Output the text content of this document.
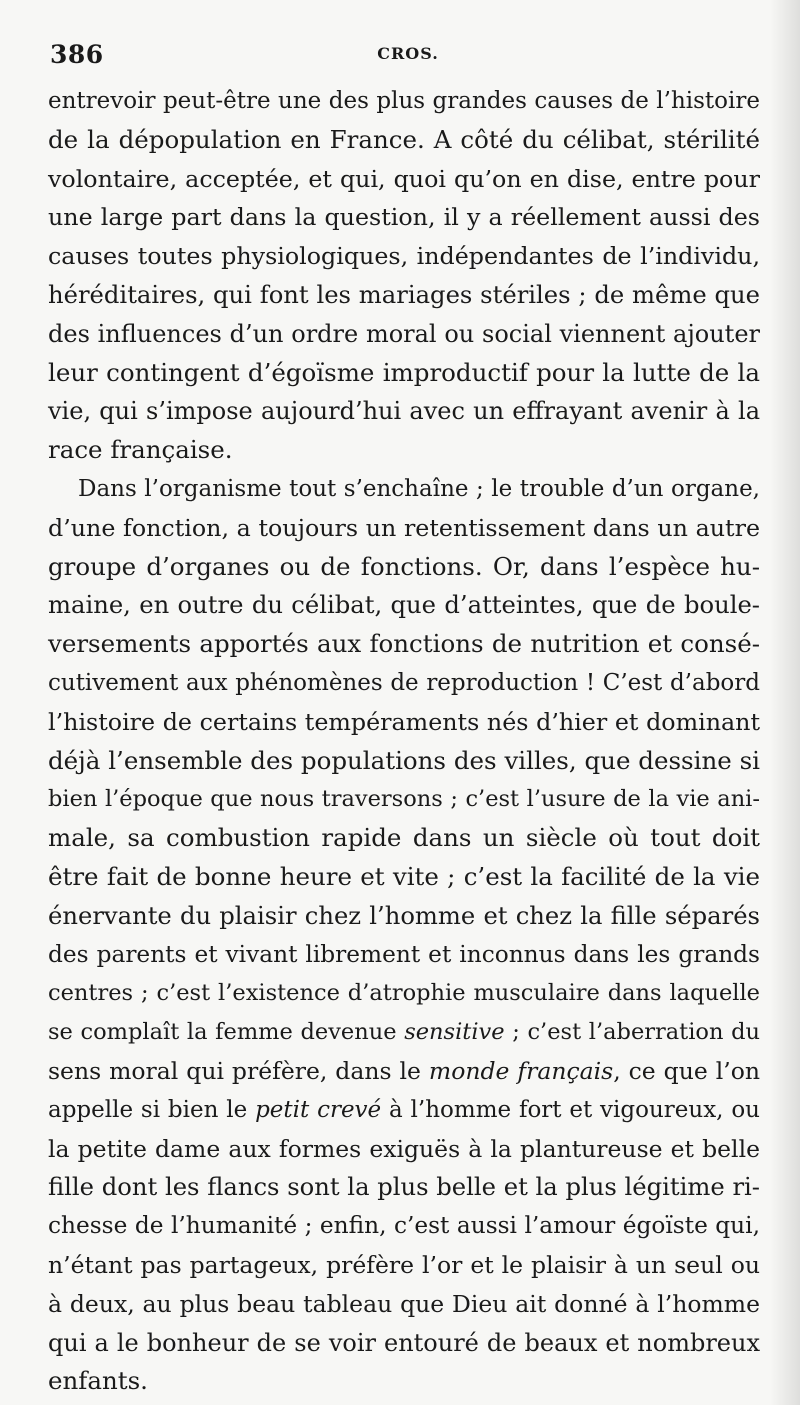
386	CROS.
entrevoir peut-être une des plus grandes causes de l’histoire
de la dépopulation en France. A côté du célibat, stérilité
volontaire, acceptée, et qui, quoi qu’on en dise, entre pour
une large part dans la question, il y a réellement aussi des
causes toutes physiologiques, indépendantes de l’individu,
héréditaires, qui font les mariages stériles ; de même que
des influences d’un ordre moral ou social viennent ajouter
leur contingent d’égoïsme improductif pour la lutte de la
vie, qui s’impose aujourd’hui avec un effrayant avenir à la
race française.
Dans l’organisme tout s’enchaîne ; le trouble d’un organe,
d’une fonction, a toujours un retentissement dans un autre
groupe d’organes ou de fonctions. Or, dans l’espèce hu-
maine, en outre du célibat, que d’atteintes, que de boule-
versements apportés aux fonctions de nutrition et consé-
cutivement aux phénomènes de reproduction ! C’est d’abord
l’histoire de certains tempéraments nés d’hier et dominant
déjà l’ensemble des populations des villes, que dessine si
bien l’époque que nous traversons ; c’est l’usure de la vie ani-
male, sa combustion rapide dans un siècle où tout doit
être fait de bonne heure et vite ; c’est la facilité de la vie
énervante du plaisir chez l’homme et chez la fille séparés
des parents et vivant librement et inconnus dans les grands
centres ; c’est l’existence d’atrophie musculaire dans laquelle
se complaît la femme devenue sensitive ; c’est l’aberration du
sens moral qui préfère, dans le monde français, ce que l’on
appelle si bien le petit crevé à l’homme fort et vigoureux, ou
la petite dame aux formes exiguës à la plantureuse et belle
fille dont les flancs sont la plus belle et la plus légitime ri-
chesse de l’humanité ; enfin, c’est aussi l’amour égoïste qui,
n’étant pas partageux, préfère l’or et le plaisir à un seul ou
à deux, au plus beau tableau que Dieu ait donné à l’homme
qui a le bonheur de se voir entouré de beaux et nombreux
enfants.
